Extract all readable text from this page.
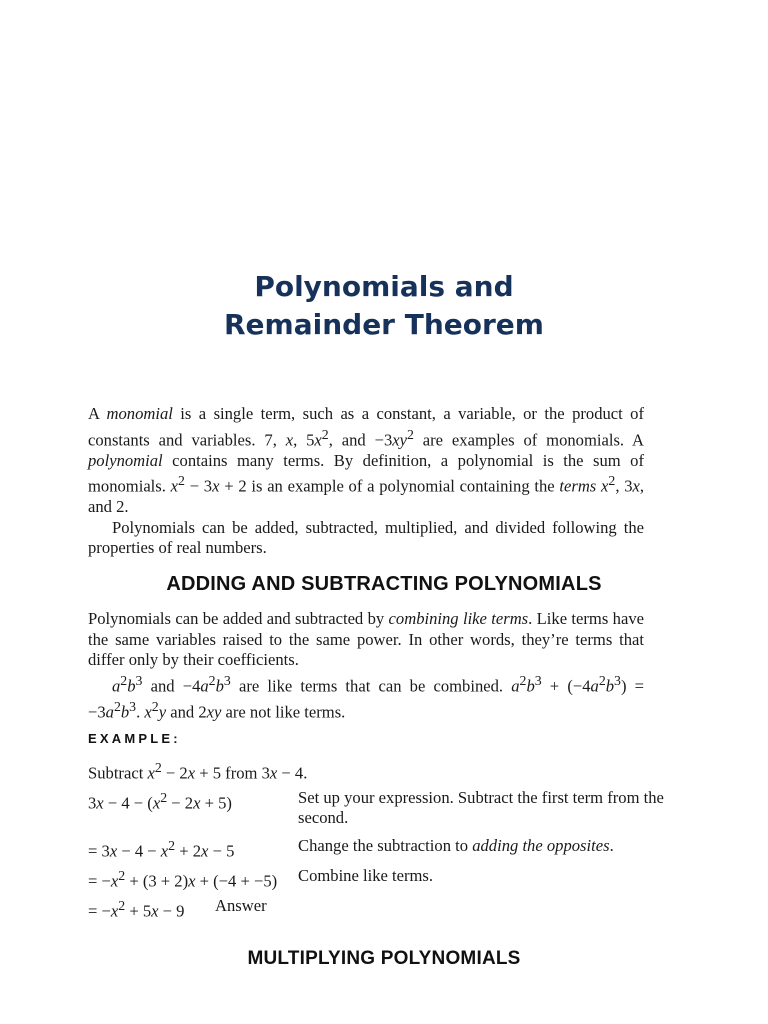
Polynomials and
Remainder Theorem

A monomial is a single term, such as a constant, a variable, or the product of constants and variables. 7, x, $5x^2$, and $-3xy^2$ are examples of monomials. A polynomial contains many terms. By definition, a polynomial is the sum of monomials. $x^2 - 3x + 2$ is an example of a polynomial containing the terms $x^2$, 3x, and 2.

Polynomials can be added, subtracted, multiplied, and divided following the properties of real numbers.

ADDING AND SUBTRACTING POLYNOMIALS

Polynomials can be added and subtracted by combining like terms. Like terms have the same variables raised to the same power. In other words, they’re terms that differ only by their coefficients.

$a^2b^3$ and $-4a^2b^3$ are like terms that can be combined. $a^2b^3 + (-4a^2b^3) = -3a^2b^3$. $x^2y$ and 2xy are not like terms.

EXAMPLE:
Subtract $x^2 - 2x + 5$ from 3x − 4.
$3x - 4 - (x^2 - 2x + 5)$	Set up your expression. Subtract the first term from the second.
= $3x - 4 - x^2 + 2x - 5$	Change the subtraction to adding the opposites.
= $-x^2 + (3 + 2)x + (-4 + -5)$ Combine like terms.
= $-x^2 + 5x - 9$ Answer
MULTIPLYING POLYNOMIALS
